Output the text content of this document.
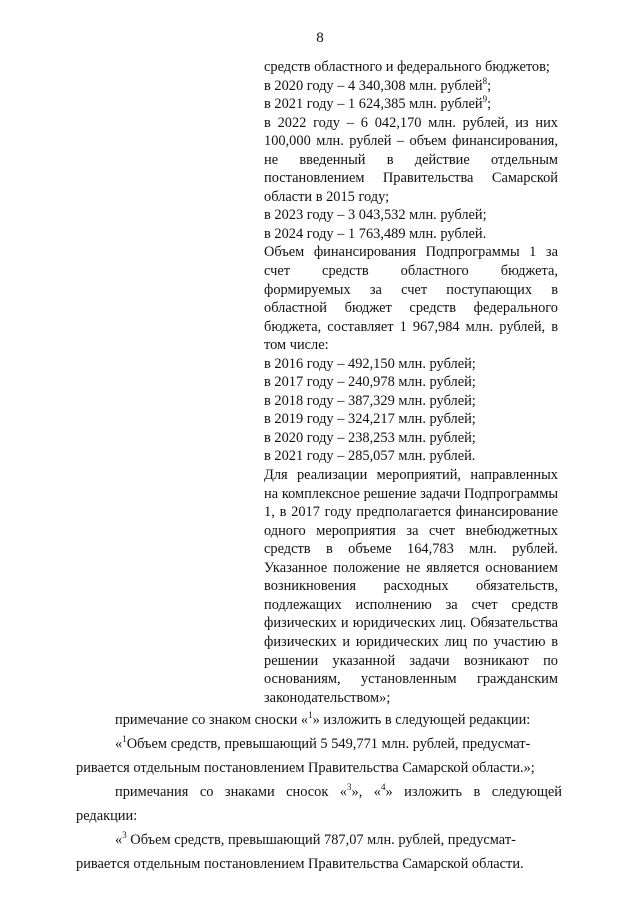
8

средств областного и федерального бюджетов;

в 2020 году – 4 340,308 млн. рублей$^8$;

в 2021 году – 1 624,385 млн. рублей$^9$;

в 2022 году – 6 042,170 млн. рублей, из них 100,000 млн. рублей – объем финансирования, не введенный в действие отдельным постановлением Правительства Самарской области в 2015 году;

в 2023 году – 3 043,532 млн. рублей;

в 2024 году – 1 763,489 млн. рублей.

Объем финансирования Подпрограммы 1 за счет средств областного бюджета, формируемых за счет поступающих в областной бюджет средств федерального бюджета, составляет 1 967,984 млн. рублей, в том числе:

в 2016 году – 492,150 млн. рублей;

в 2017 году – 240,978 млн. рублей;

в 2018 году – 387,329 млн. рублей;

в 2019 году – 324,217 млн. рублей;

в 2020 году – 238,253 млн. рублей;

в 2021 году – 285,057 млн. рублей.

Для реализации мероприятий, направленных на комплексное решение задачи Подпрограммы 1, в 2017 году предполагается финансирование одного мероприятия за счет внебюджетных средств в объеме 164,783 млн. рублей. Указанное положение не является основанием возникновения расходных обязательств, подлежащих исполнению за счет средств физических и юридических лиц. Обязательства физических и юридических лиц по участию в решении указанной задачи возникают по основаниям, установленным гражданским законодательством»;

примечание со знаком сноски «$^1$» изложить в следующей редакции:

«$^1$Объем средств, превышающий 5 549,771 млн. рублей, предусмат-

ривается отдельным постановлением Правительства Самарской области.»;

примечания со знаками сносок «$^3$», «$^4$» изложить в следующей редакции:

«$^3$ Объем средств, превышающий 787,07 млн. рублей, предусмат-

ривается отдельным постановлением Правительства Самарской области.
